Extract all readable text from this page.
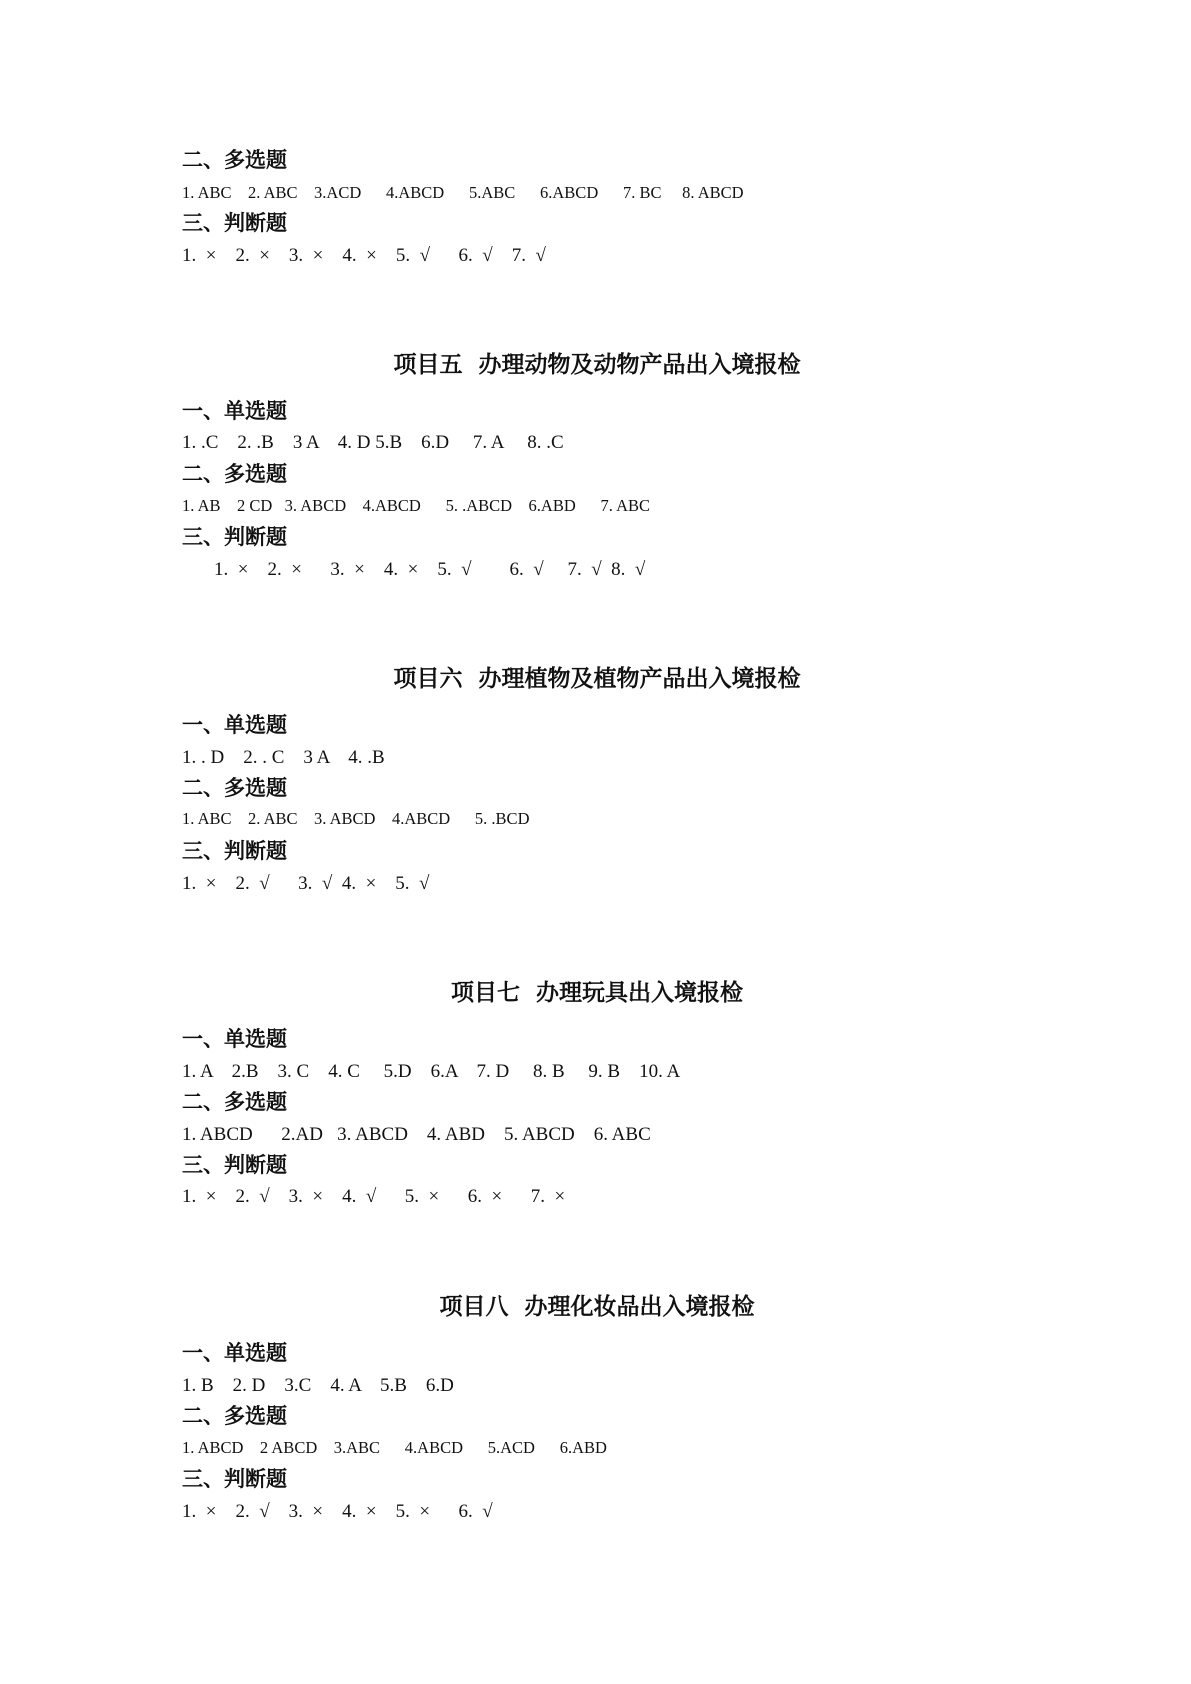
二、多选题
1. ABC    2. ABC    3.ACD      4.ABCD      5.ABC      6.ABCD      7. BC     8. ABCD
三、判断题
1.  ×    2.  ×    3.  ×    4.  ×    5.  √      6.  √    7.  √
项目五  办理动物及动物产品出入境报检
一、单选题
1. .C    2. .B    3 A    4. D 5.B    6.D     7. A     8. .C
二、多选题
1. AB    2 CD   3. ABCD    4.ABCD      5. .ABCD    6.ABD      7. ABC
三、判断题
1.  ×    2.  ×      3.  ×    4.  ×    5.  √        6.  √     7.  √  8.  √
项目六  办理植物及植物产品出入境报检
一、单选题
1. . D    2. . C    3 A    4. .B
二、多选题
1. ABC    2. ABC    3. ABCD    4.ABCD      5. .BCD
三、判断题
1.  ×    2.  √      3.  √  4.  ×    5.  √
项目七  办理玩具出入境报检
一、单选题
1. A    2.B    3. C    4. C     5.D    6.A    7. D     8. B     9. B    10. A
二、多选题
1. ABCD      2.AD   3. ABCD    4. ABD    5. ABCD    6. ABC
三、判断题
1.  ×    2.  √    3.  ×    4.  √      5.  ×      6.  ×      7.  ×
项目八  办理化妆品出入境报检
一、单选题
1. B    2. D    3.C    4. A    5.B    6.D
二、多选题
1. ABCD    2 ABCD    3.ABC      4.ABCD      5.ACD      6.ABD
三、判断题
1.  ×    2.  √    3.  ×    4.  ×    5.  ×      6.  √
